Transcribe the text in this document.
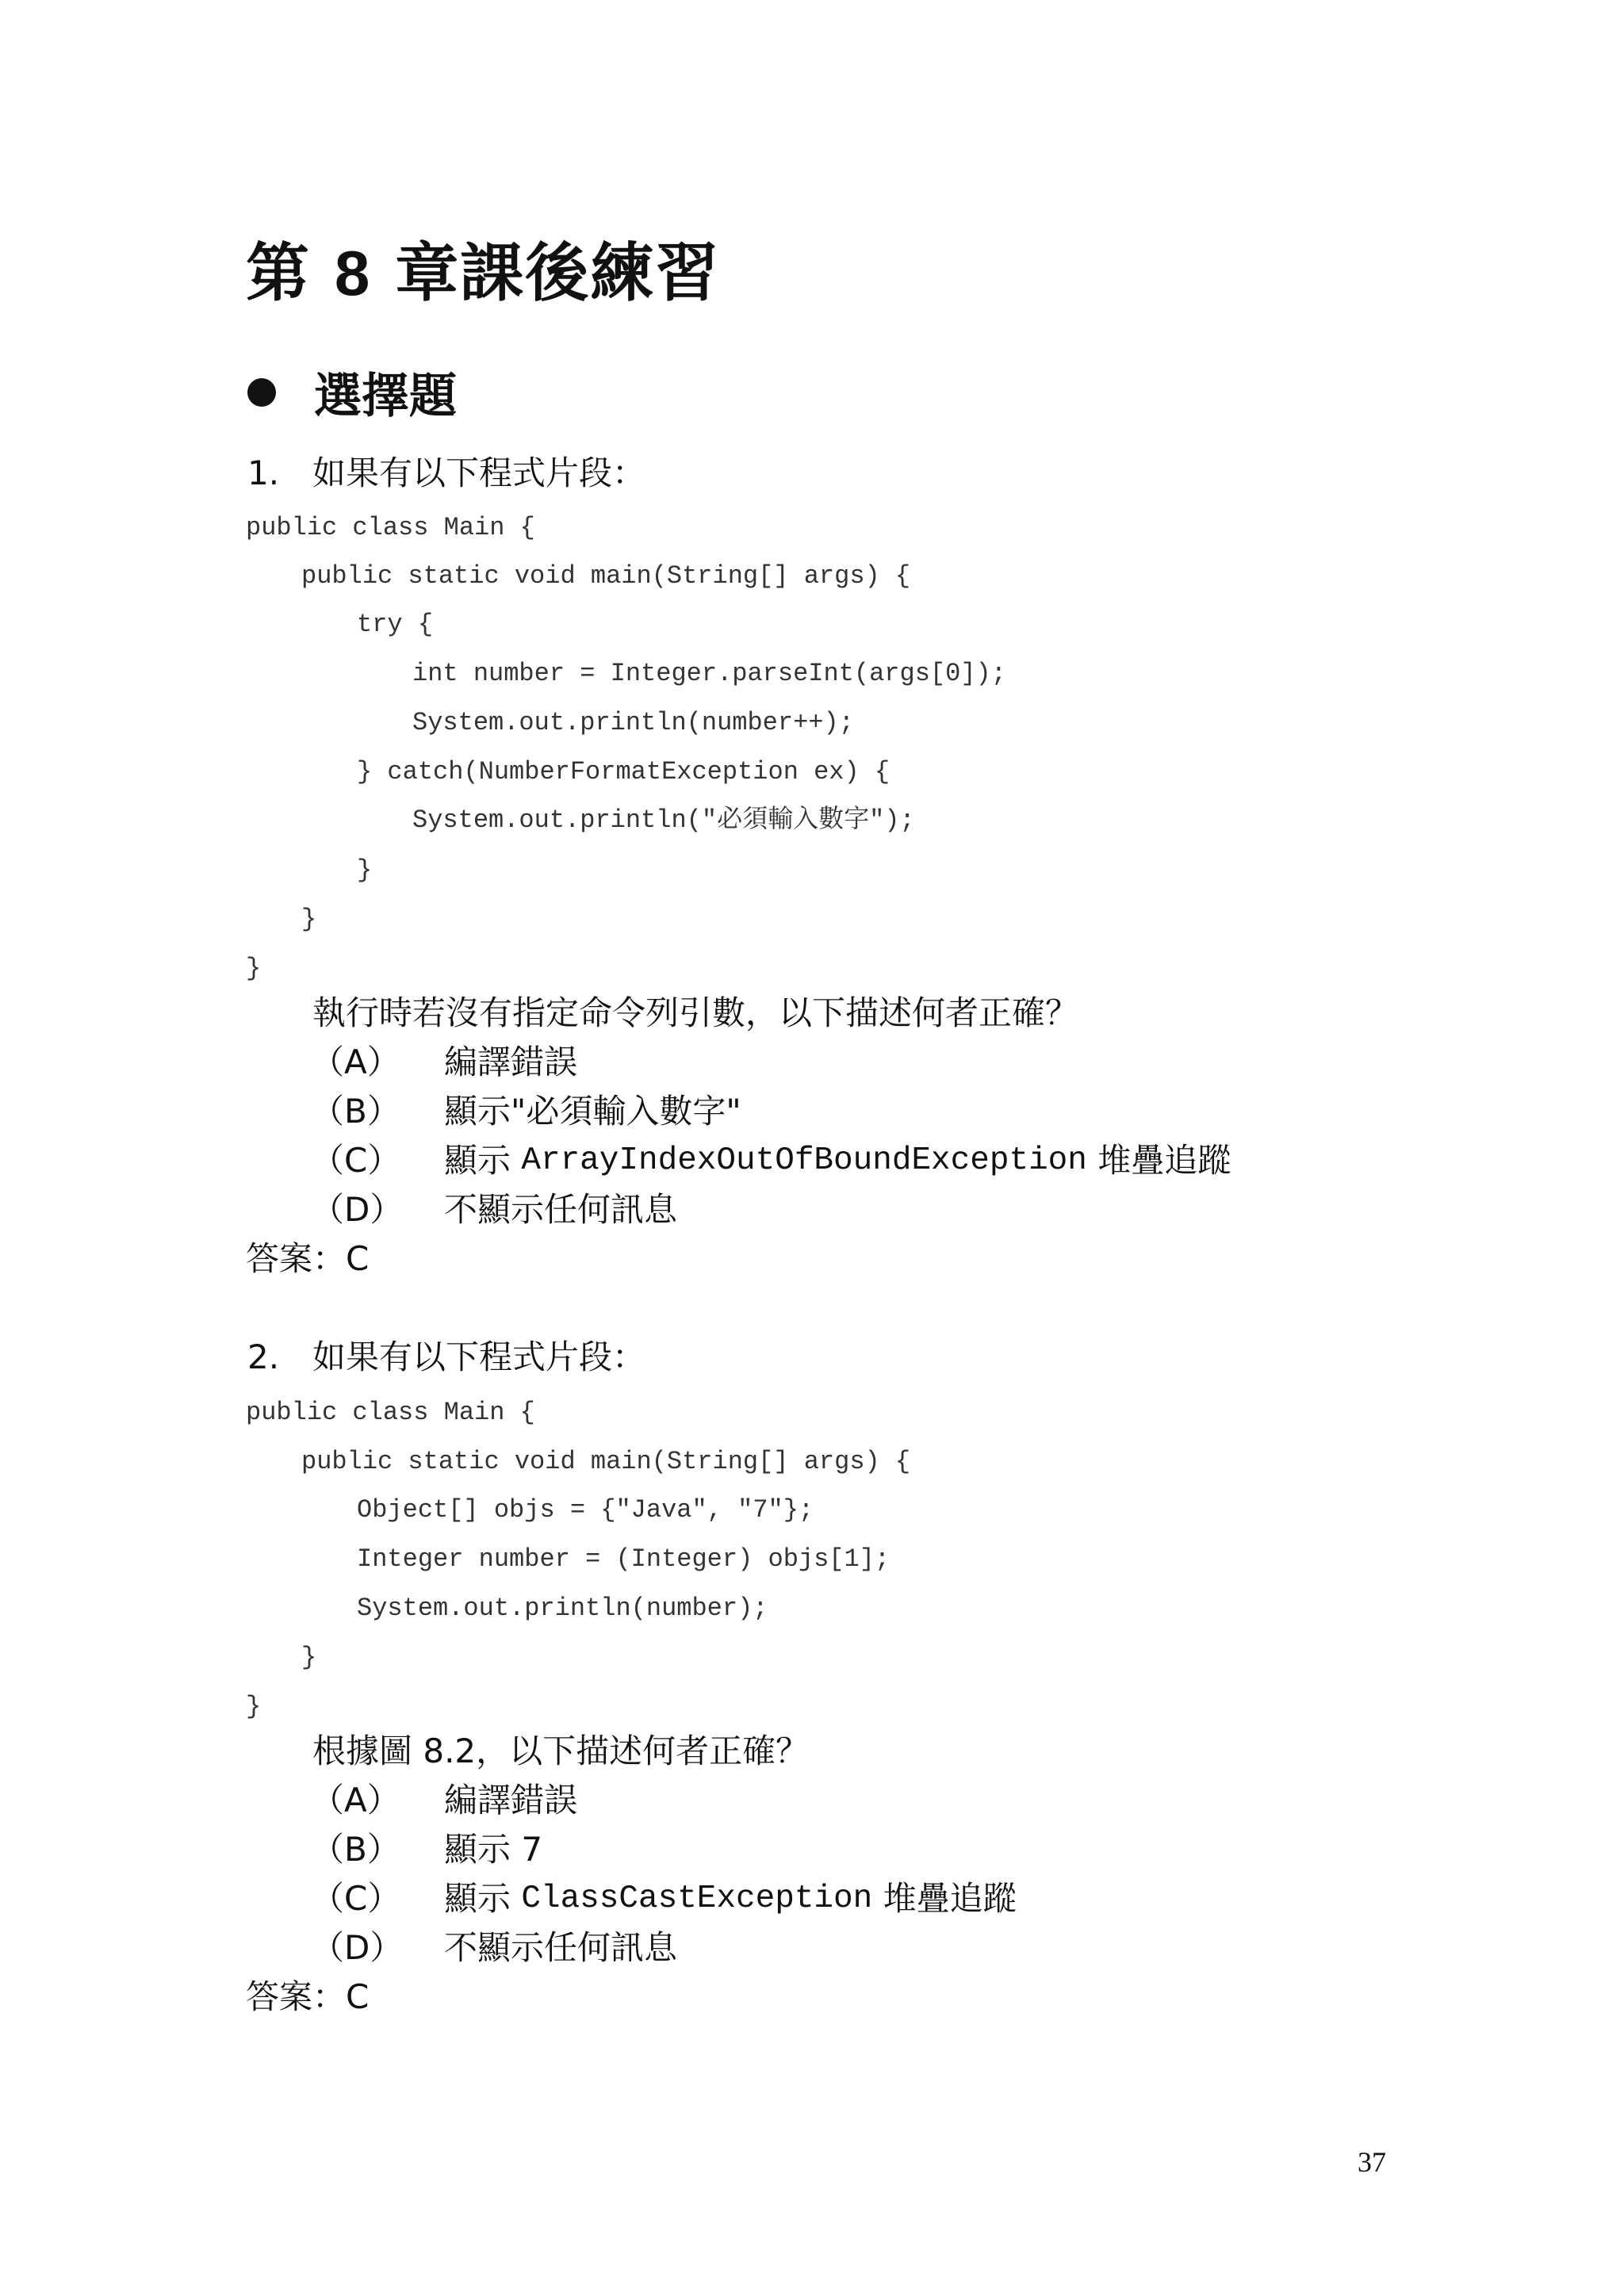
第 8 章課後練習
選擇題
1. 如果有以下程式片段：
public class Main {
public static void main(String[] args) {
try {
int number = Integer.parseInt(args[0]);
System.out.println(number++);
} catch(NumberFormatException ex) {
System.out.println("必須輸入數字");
}
}
}
執行時若沒有指定命令列引數，以下描述何者正確？
（A）	編譯錯誤
（B）	顯示"必須輸入數字"
（C）	顯示 ArrayIndexOutOfBoundException 堆疊追蹤
（D）	不顯示任何訊息
答案：C
2. 如果有以下程式片段：
public class Main {
public static void main(String[] args) {
Object[] objs = {"Java", "7"};
Integer number = (Integer) objs[1];
System.out.println(number);
}
}
根據圖 8.2，以下描述何者正確？
（A）	編譯錯誤
（B）	顯示 7
（C）	顯示 ClassCastException 堆疊追蹤
（D）	不顯示任何訊息
答案：C
37
